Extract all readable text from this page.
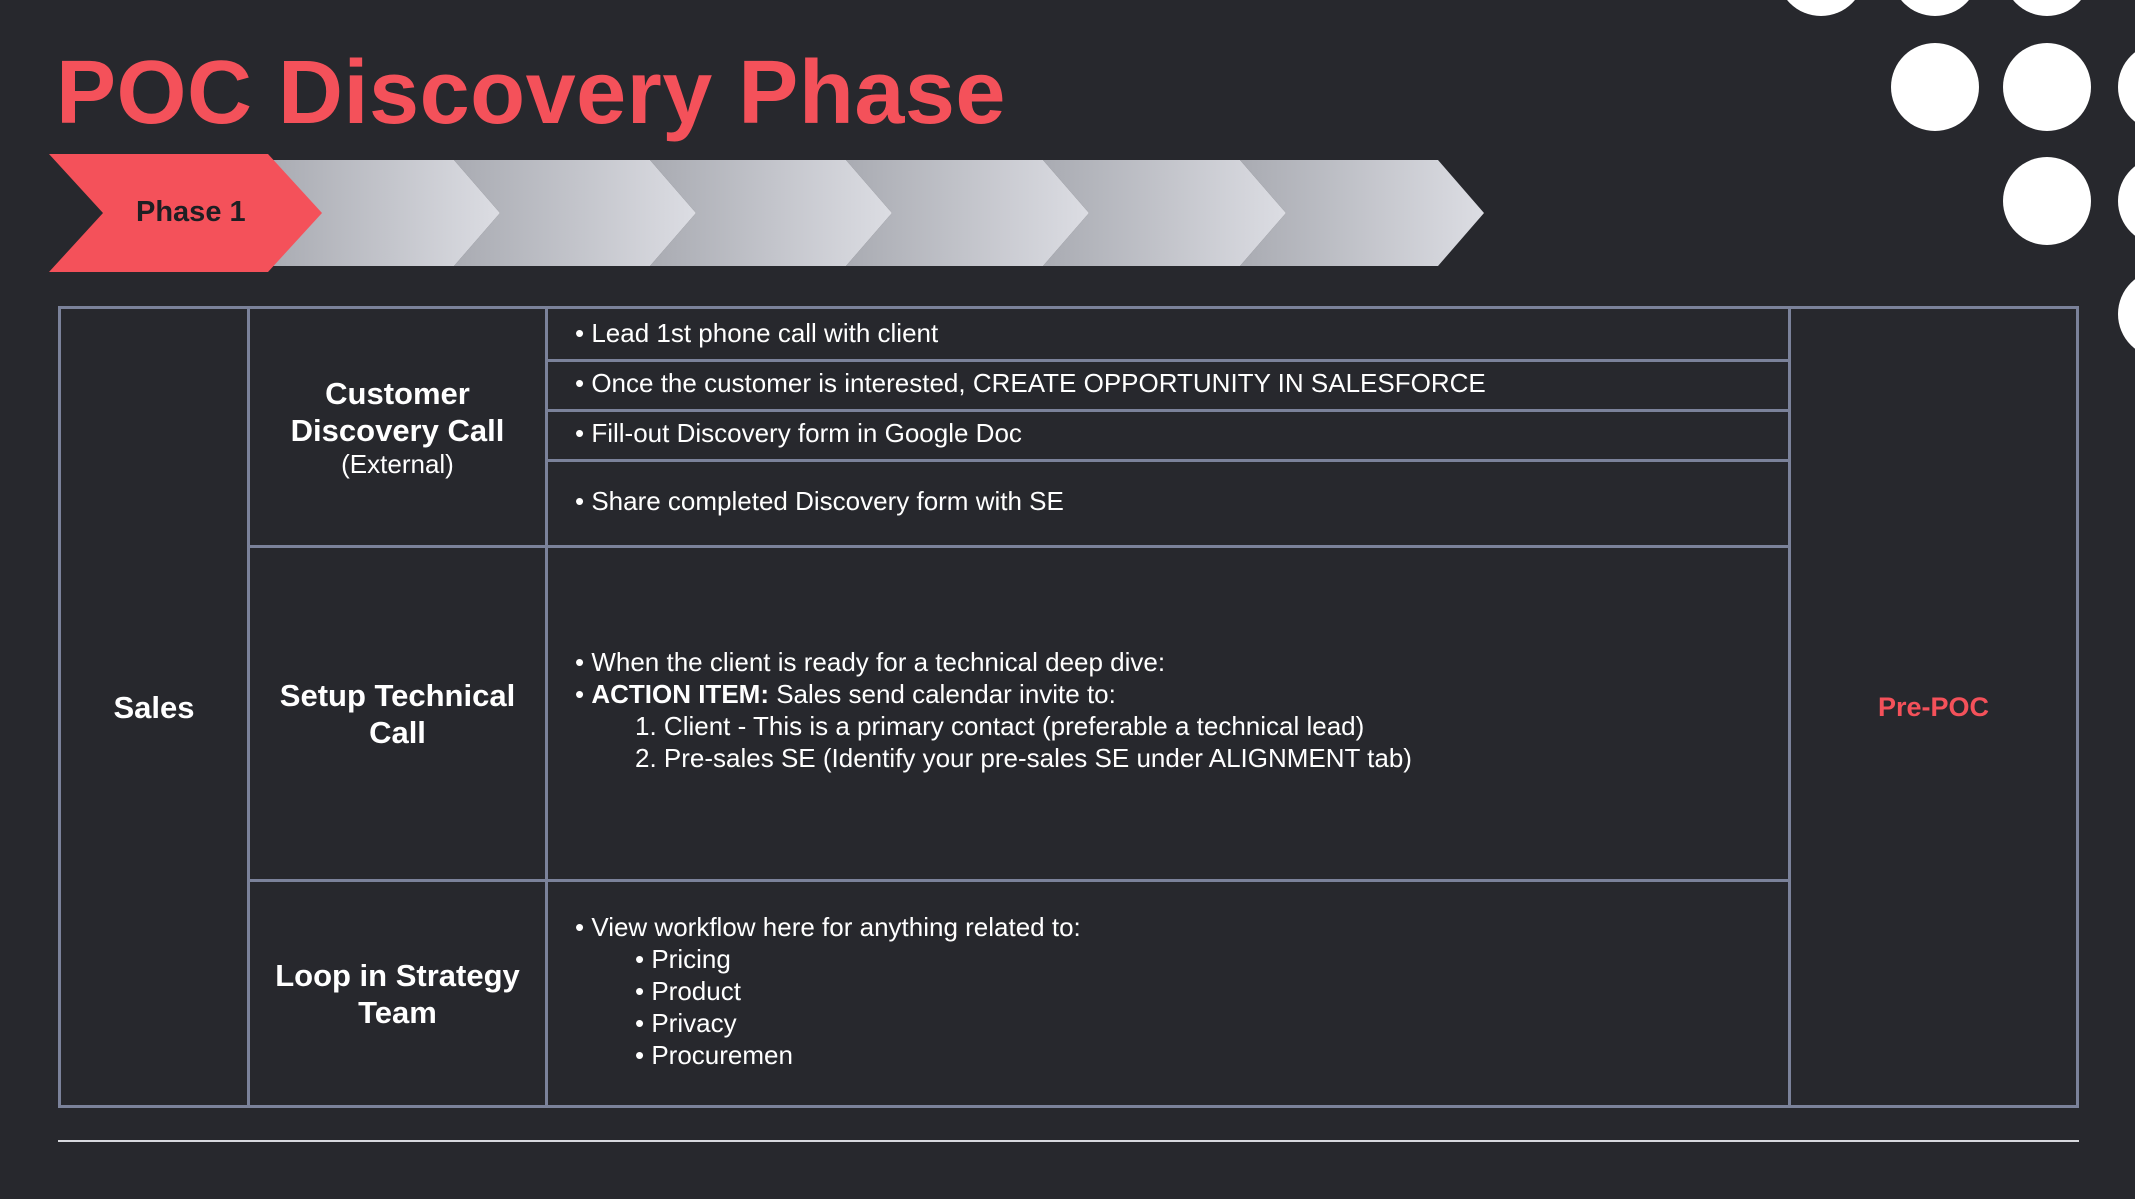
POC Discovery Phase
Phase 1
Sales
Customer Discovery Call
(External)
• Lead 1st phone call with client
• Once the customer is interested, CREATE OPPORTUNITY IN SALESFORCE
• Fill-out Discovery form in Google Doc
• Share completed Discovery form with SE
Setup Technical Call
• When the client is ready for a technical deep dive:
• ACTION ITEM: Sales send calendar invite to:
1. Client - This is a primary contact (preferable a technical lead)
2. Pre-sales SE (Identify your pre-sales SE under ALIGNMENT tab)
Loop in Strategy Team
• View workflow here for anything related to:
• Pricing
• Product
• Privacy
• Procuremen
Pre-POC
